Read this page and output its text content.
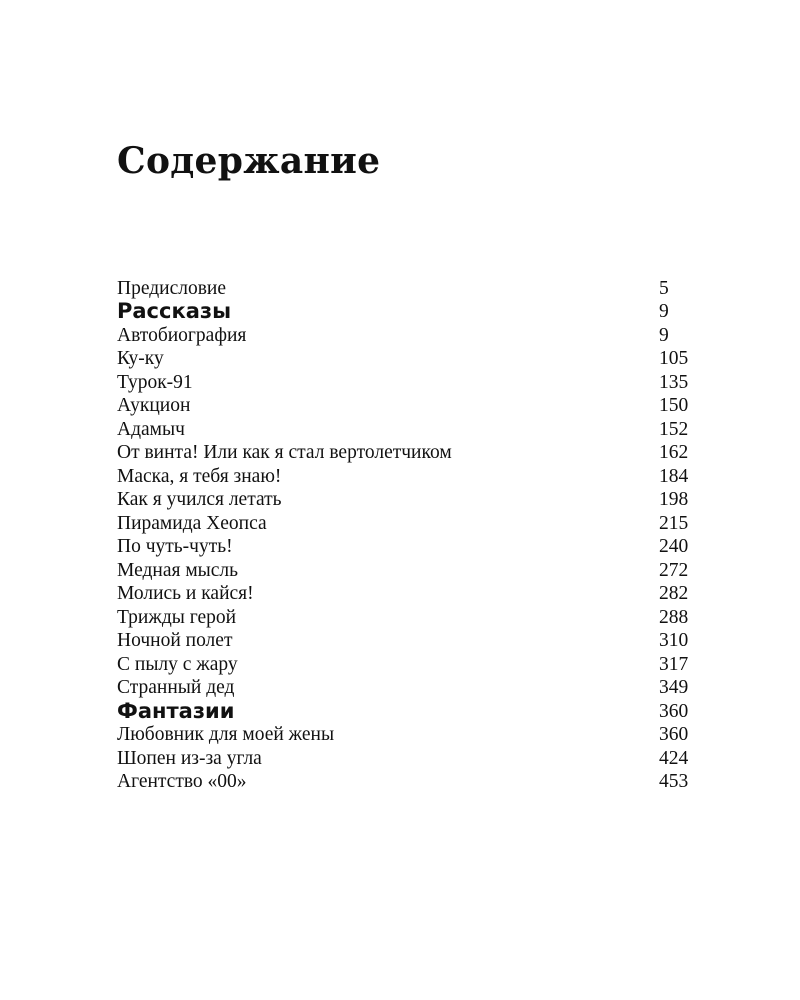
Содержание
Предисловие	5
Рассказы	9
Автобиография	9
Ку-ку	105
Турок-91	135
Аукцион	150
Адамыч	152
От винта! Или как я стал вертолетчиком	162
Маска, я тебя знаю!	184
Как я учился летать	198
Пирамида Хеопса	215
По чуть-чуть!	240
Медная мысль	272
Молись и кайся!	282
Трижды герой	288
Ночной полет	310
С пылу с жару	317
Странный дед	349
Фантазии	360
Любовник для моей жены	360
Шопен из-за угла	424
Агентство «00»	453
